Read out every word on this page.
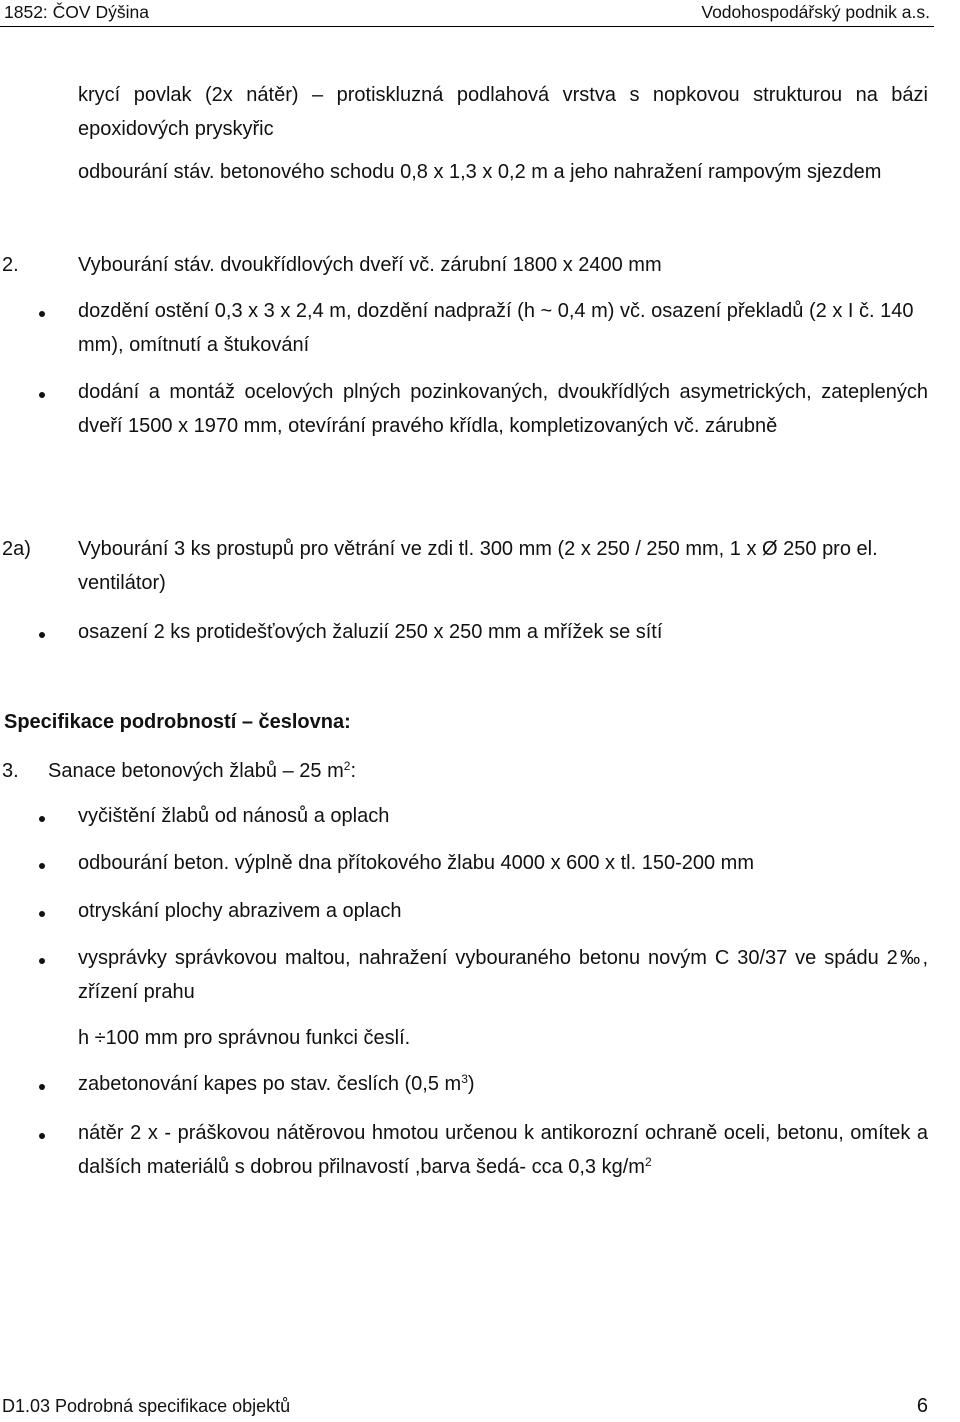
1852: ČOV Dýšina	Vodohospodářský podnik a.s.
krycí povlak (2x nátěr) – protiskluzná podlahová vrstva s nopkovou strukturou na bázi epoxidových pryskyřic
odbourání stáv. betonového schodu 0,8 x 1,3 x 0,2 m a jeho nahražení rampovým sjezdem
2.	Vybourání stáv. dvoukřídlových dveří vč. zárubní 1800 x 2400 mm
dozdění ostění 0,3 x 3 x 2,4 m, dozdění nadpraží (h ~ 0,4 m) vč. osazení překladů (2 x I č. 140 mm), omítnutí a štukování
dodání a montáž ocelových plných pozinkovaných, dvoukřídlých asymetrických, zateplených dveří 1500 x 1970 mm, otevírání pravého křídla, kompletizovaných vč. zárubně
2a) Vybourání 3 ks prostupů pro větrání ve zdi tl. 300 mm (2 x 250 / 250 mm, 1 x Ø 250 pro el. ventilátor)
osazení 2 ks protidešťových žaluzií 250 x 250 mm a mřížek se sítí
Specifikace podrobností – česlovna:
3. Sanace betonových žlabů – 25 $m^2$:
vyčištění žlabů od nánosů a oplach
odbourání beton. výplně dna přítokového žlabu 4000 x 600 x tl. 150-200 mm
otryskání plochy abrazivem a oplach
vysprávky správkovou maltou, nahražení vybouraného betonu novým C 30/37 ve spádu 2‰, zřízení prahu
h ÷100 mm pro správnou funkci česlí.
zabetonování kapes po stav. česlích (0,5 $m^3$)
nátěr 2 x - práškovou nátěrovou hmotou určenou k antikorozní ochraně oceli, betonu, omítek a dalších materiálů s dobrou přilnavostí ,barva šedá- cca 0,3 $kg/m^2$
D1.03 Podrobná specifikace objektů	6
